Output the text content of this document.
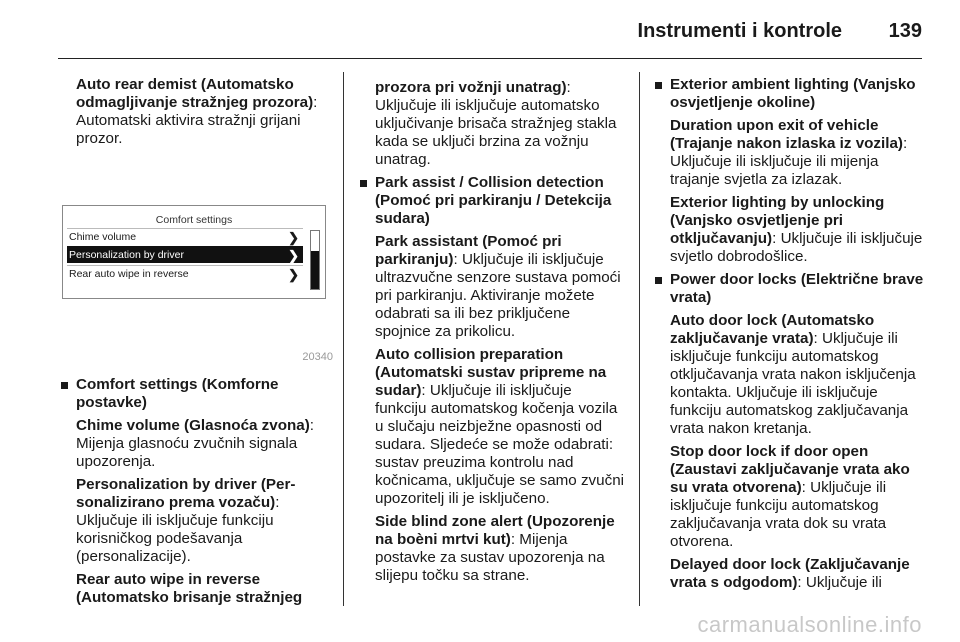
Instrumenti i kontrole 139

Auto rear demist (Automatsko odmagljivanje stražnjeg prozora): Automatski aktivira stražnji grijani prozor.

Comfort settings
Chime volume	❯
Personalization by driver	❯
Rear auto wipe in reverse	❯
20340
Comfort settings (Komforne postavke)

Chime volume (Glasnoća zvona): Mijenja glasnoću zvučnih signala upozorenja.

Personalization by driver (Personalizirano prema vozaču): Uključuje ili isključuje funkciju korisničkog podešavanja (personalizacije).

Rear auto wipe in reverse (Automatsko brisanje stražnjeg

prozora pri vožnji unatrag): Uključuje ili isključuje automatsko uključivanje brisača stražnjeg stakla kada se uključi brzina za vožnju unatrag.

Park assist / Collision detection (Pomoć pri parkiranju / Detekcija sudara)

Park assistant (Pomoć pri parkiranju): Uključuje ili isključuje ultrazvučne senzore sustava pomoći pri parkiranju. Aktiviranje možete odabrati sa ili bez priključene spojnice za prikolicu.

Auto collision preparation (Automatski sustav pripreme na sudar): Uključuje ili isključuje funkciju automatskog kočenja vozila u slučaju neizbježne opasnosti od sudara. Sljedeće se može odabrati: sustav preuzima kontrolu nad kočnicama, uključuje se samo zvučni upozoritelj ili je isključeno.

Side blind zone alert (Upozorenje na boèni mrtvi kut): Mijenja postavke za sustav upozorenja na slijepu točku sa strane.

Exterior ambient lighting (Vanjsko osvjetljenje okoline)

Duration upon exit of vehicle (Trajanje nakon izlaska iz vozila): Uključuje ili isključuje ili mijenja trajanje svjetla za izlazak.

Exterior lighting by unlocking (Vanjsko osvjetljenje pri otključavanju): Uključuje ili isključuje svjetlo dobrodošlice.

Power door locks (Električne brave vrata)

Auto door lock (Automatsko zaključavanje vrata): Uključuje ili isključuje funkciju automatskog otključavanja vrata nakon isključenja kontakta. Uključuje ili isključuje funkciju automatskog zaključavanja vrata nakon kretanja.

Stop door lock if door open (Zaustavi zaključavanje vrata ako su vrata otvorena): Uključuje ili isključuje funkciju automatskog zaključavanja vrata dok su vrata otvorena.

Delayed door lock (Zaključavanje vrata s odgodom): Uključuje ili

carmanualsonline.info
